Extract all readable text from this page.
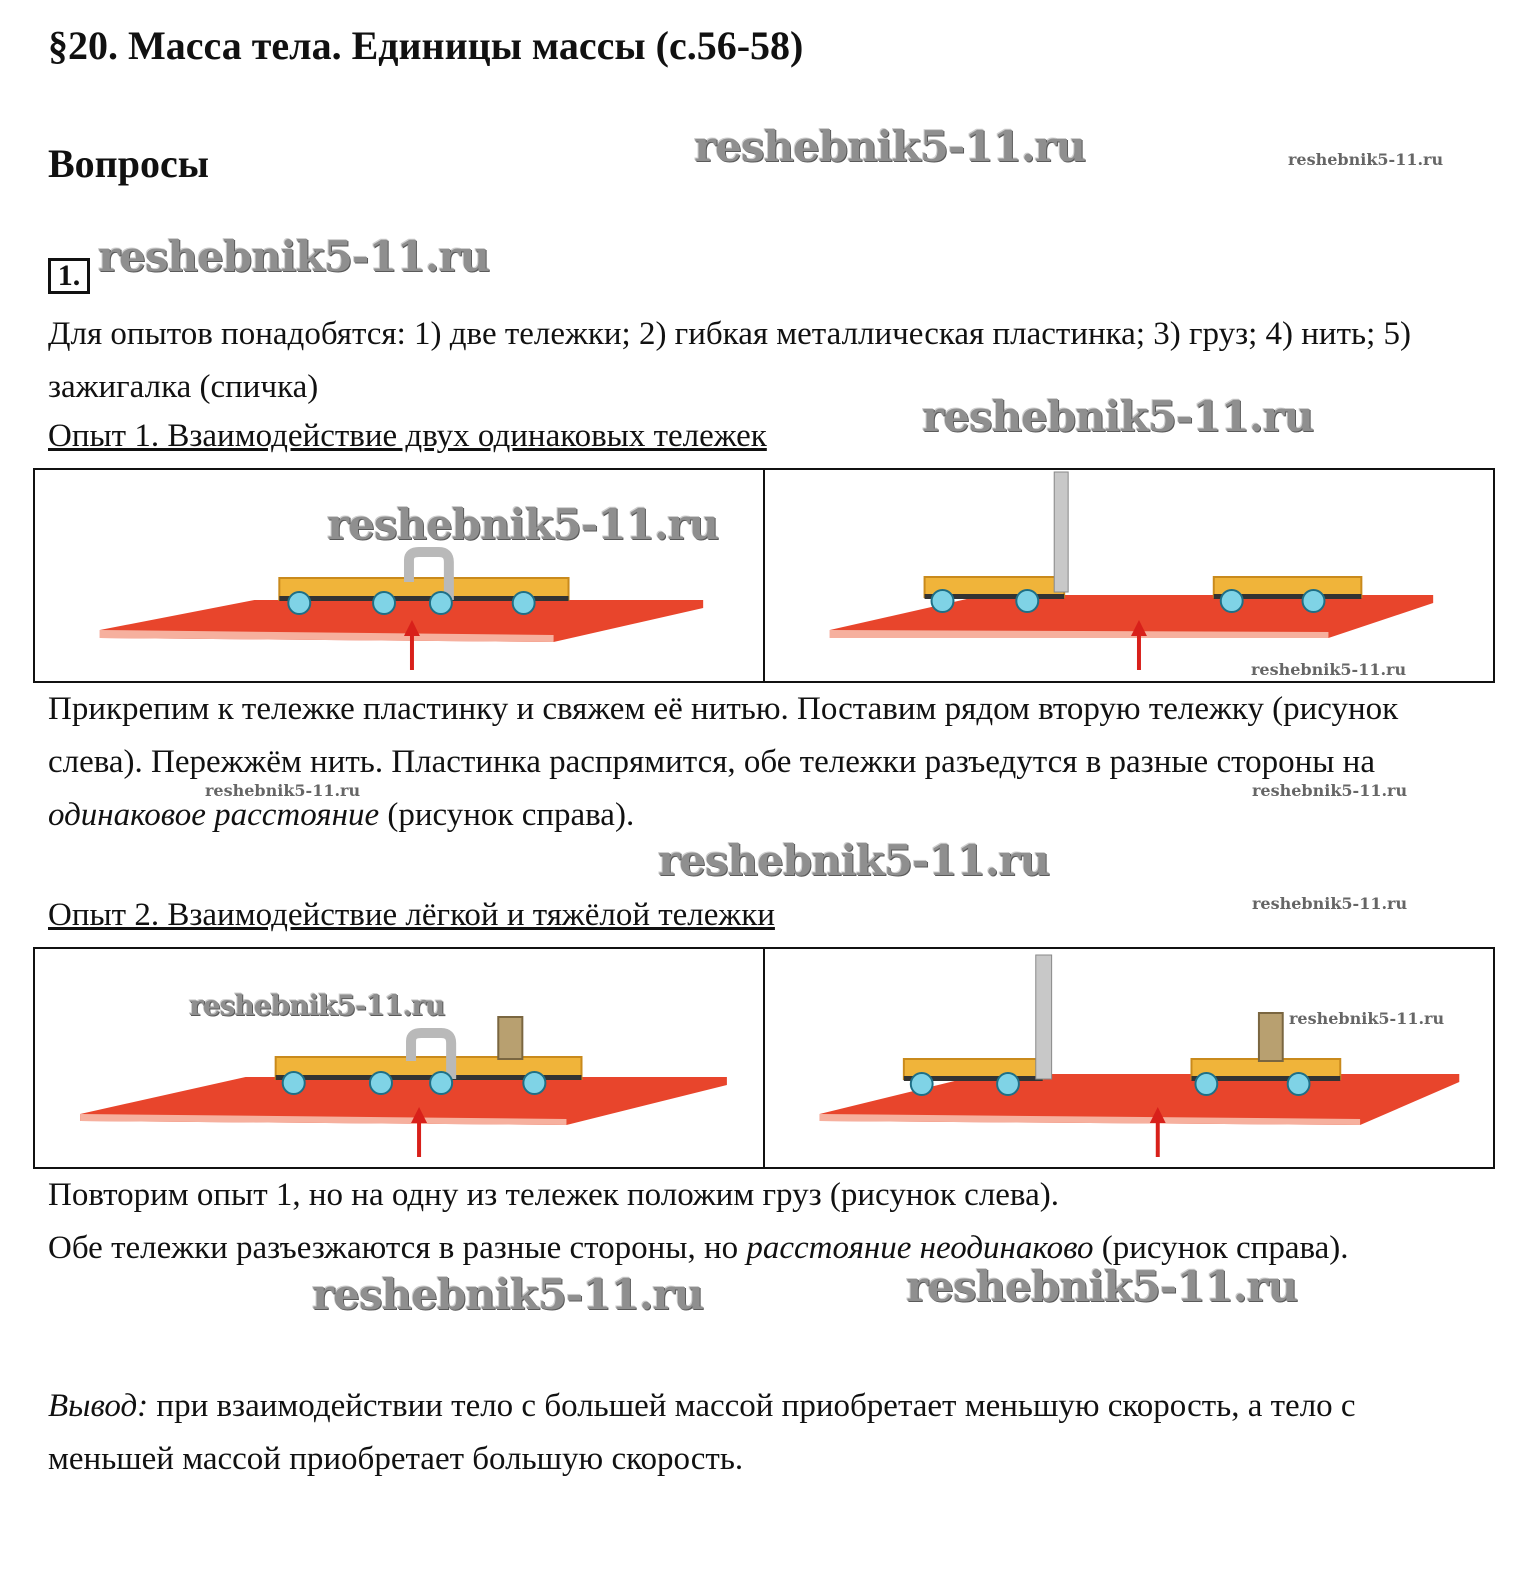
§20. Масса тела. Единицы массы (с.56-58)
Вопросы
1.
reshebnik5-11.ru	reshebnik5-11.ru
reshebnik5-11.ru
reshebnik5-11.ru
Для опытов понадобятся: 1) две тележки; 2) гибкая металлическая пластинка; 3) груз; 4) нить; 5) зажигалка (спичка)
Опыт 1. Взаимодействие двух одинаковых тележек
reshebnik5-11.ru
reshebnik5-11.ru
Прикрепим к тележке пластинку и свяжем её нитью. Поставим рядом вторую тележку (рисунок слева). Пережжём нить. Пластинка распрямится, обе тележки разъедутся в разные стороны на одинаковое расстояние (рисунок справа).
reshebnik5-11.ru	reshebnik5-11.ru
reshebnik5-11.ru
reshebnik5-11.ru
Опыт 2. Взаимодействие лёгкой и тяжёлой тележки
reshebnik5-11.ru	reshebnik5-11.ru
Повторим опыт 1, но на одну из тележек положим груз (рисунок слева).
Обе тележки разъезжаются в разные стороны, но расстояние неодинаково (рисунок справа).
reshebnik5-11.ru	reshebnik5-11.ru
Вывод: при взаимодействии тело с большей массой приобретает меньшую скорость, а тело с меньшей массой приобретает большую скорость.
